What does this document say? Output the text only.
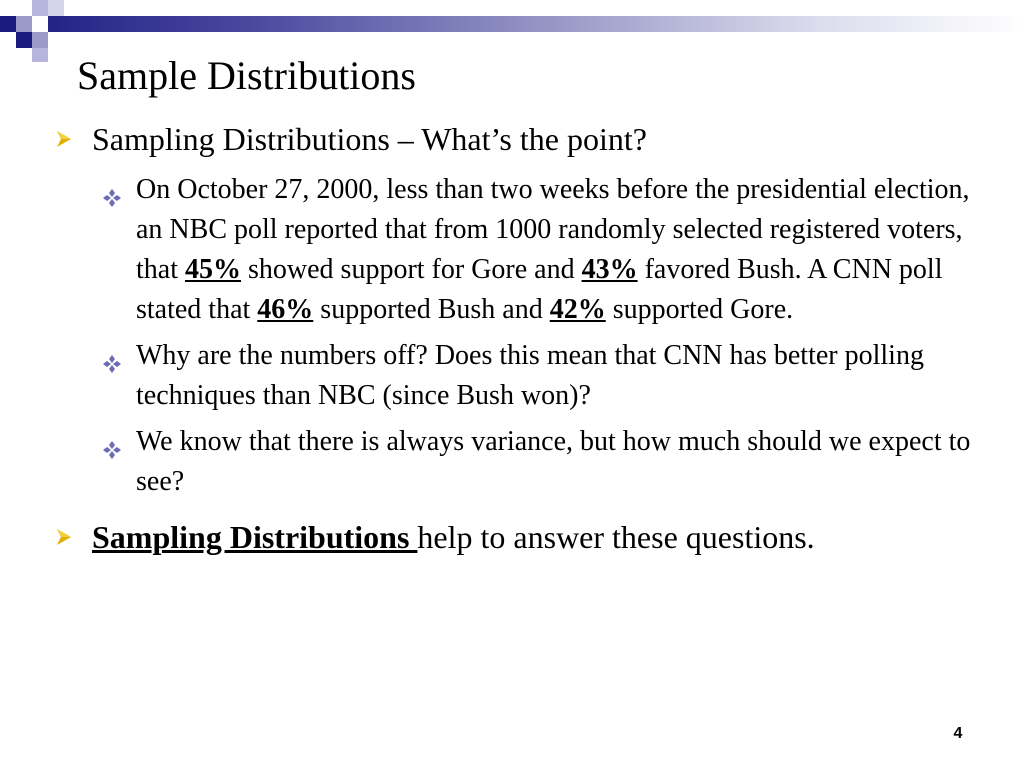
Sample Distributions
Sampling Distributions – What’s the point?
On October 27, 2000, less than two weeks before the presidential election, an NBC poll reported that from 1000 randomly selected registered voters, that 45% showed support for Gore and 43% favored Bush. A CNN poll stated that 46% supported Bush and 42% supported Gore.
Why are the numbers off? Does this mean that CNN has better polling techniques than NBC (since Bush won)?
We know that there is always variance, but how much should we expect to see?
Sampling Distributions help to answer these questions.
4
